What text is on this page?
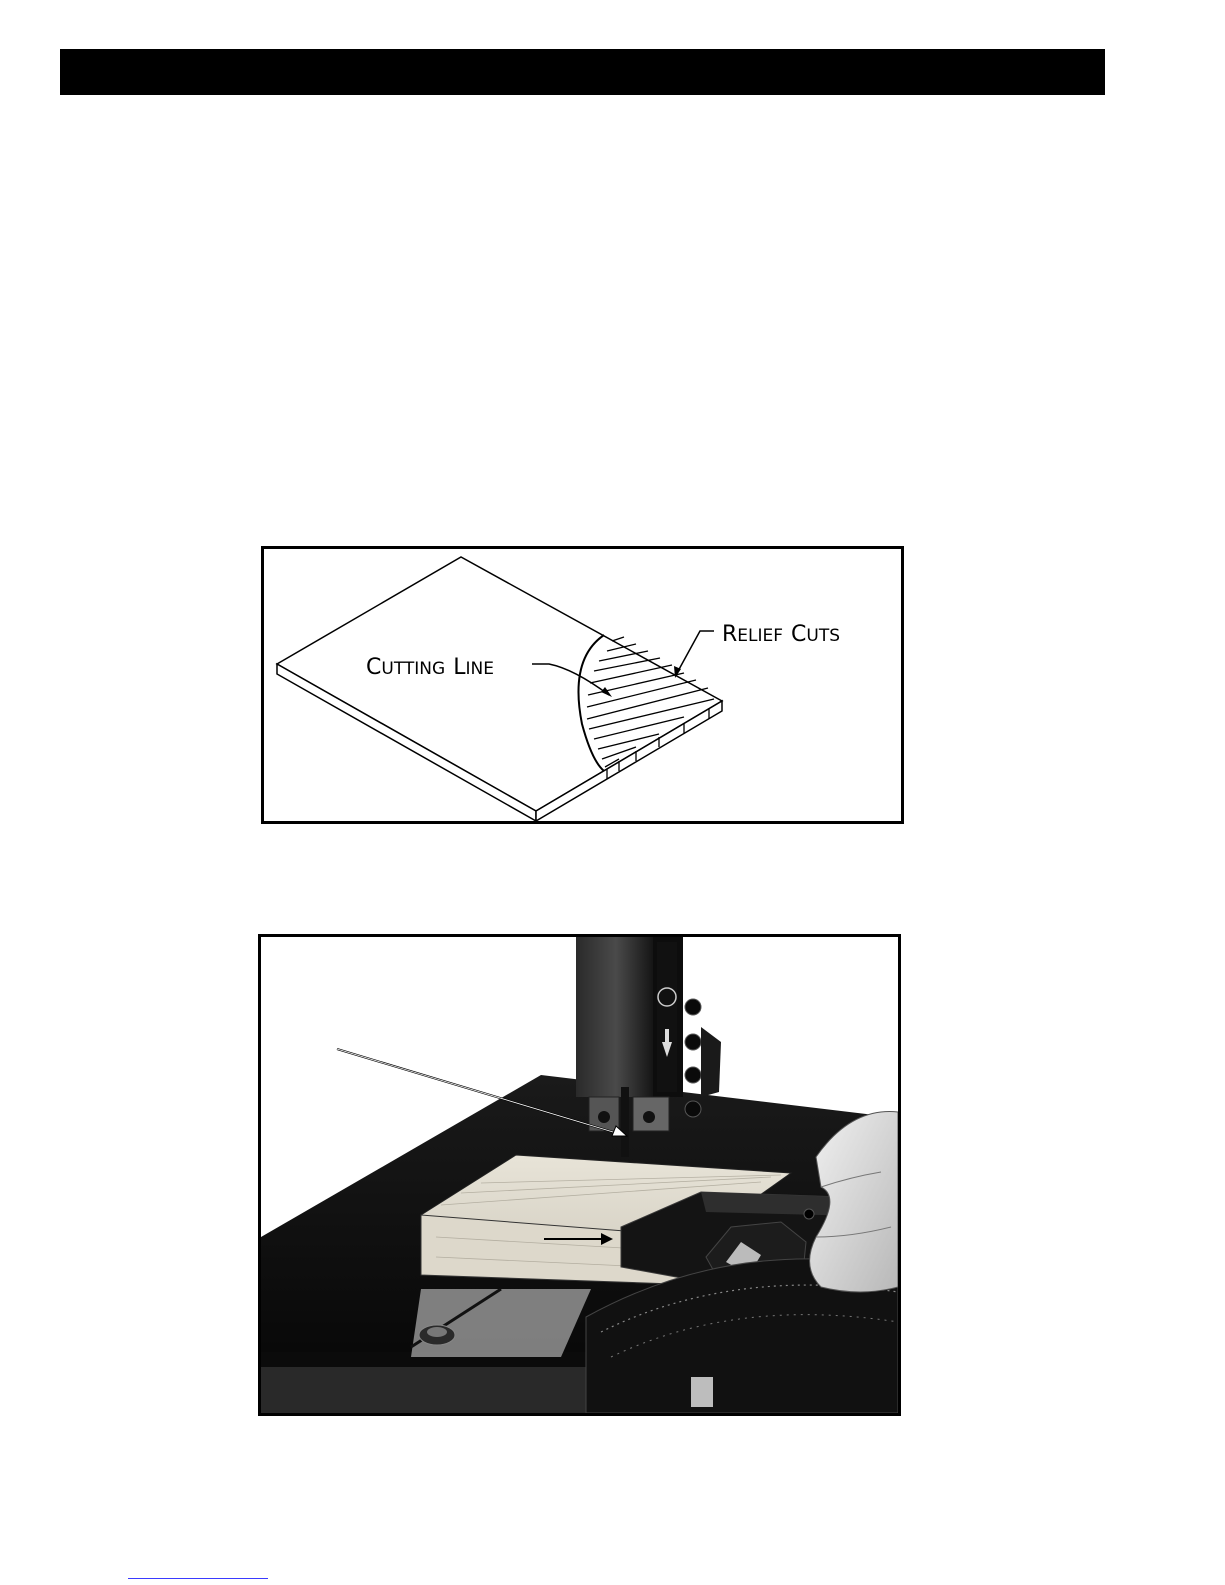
CUTTING LINE
RELIEF CUTS
